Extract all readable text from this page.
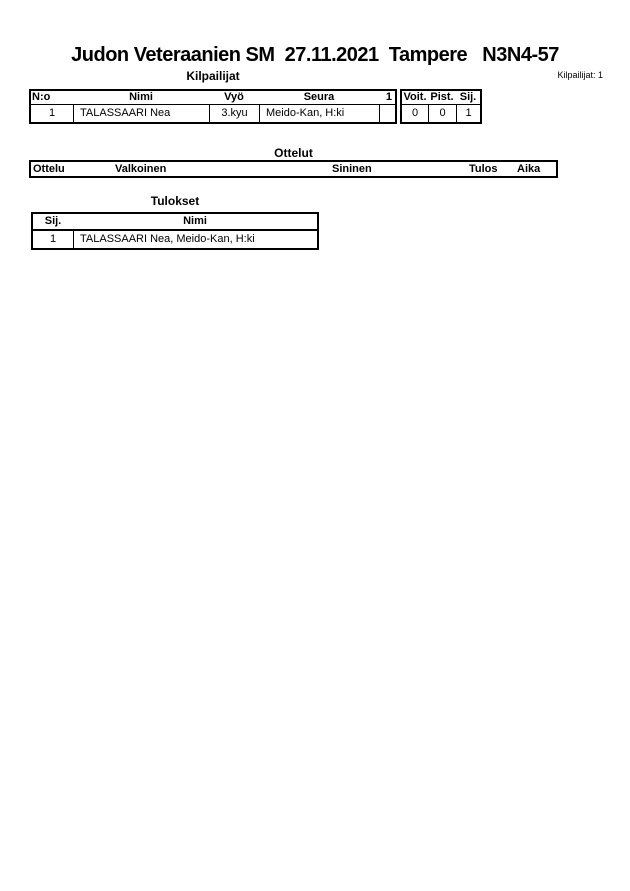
Judon Veteraanien SM  27.11.2021  Tampere   N3N4-57
Kilpailijat	Kilpailijat: 1
N:o	Nimi	Vyö	Seura	1
1	TALASSAARI Nea	3.kyu	Meido-Kan, H:ki
Voit. Pist. Sij.
0	0	1
Ottelut
Ottelu	Valkoinen	Sininen	Tulos Aika
Tulokset
Sij.	Nimi
1	TALASSAARI Nea, Meido-Kan, H:ki
